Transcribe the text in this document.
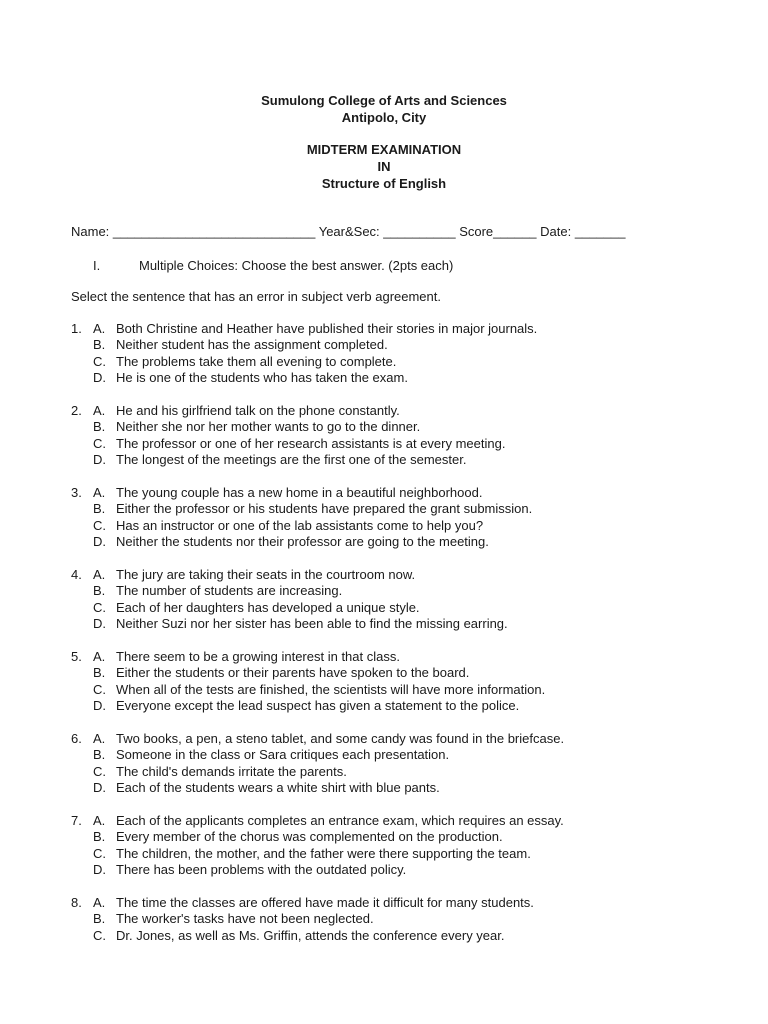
Sumulong College of Arts and Sciences
Antipolo, City
MIDTERM EXAMINATION
IN
Structure of English
Name: ____________________________ Year&Sec: __________ Score______ Date: _______
I.	Multiple Choices: Choose the best answer. (2pts each)
Select the sentence that has an error in subject verb agreement.
1. A. Both Christine and Heather have published their stories in major journals.
B. Neither student has the assignment completed.
C. The problems take them all evening to complete.
D. He is one of the students who has taken the exam.
2. A. He and his girlfriend talk on the phone constantly.
B. Neither she nor her mother wants to go to the dinner.
C. The professor or one of her research assistants is at every meeting.
D. The longest of the meetings are the first one of the semester.
3. A. The young couple has a new home in a beautiful neighborhood.
B. Either the professor or his students have prepared the grant submission.
C. Has an instructor or one of the lab assistants come to help you?
D. Neither the students nor their professor are going to the meeting.
4. A. The jury are taking their seats in the courtroom now.
B. The number of students are increasing.
C. Each of her daughters has developed a unique style.
D. Neither Suzi nor her sister has been able to find the missing earring.
5. A. There seem to be a growing interest in that class.
B. Either the students or their parents have spoken to the board.
C. When all of the tests are finished, the scientists will have more information.
D. Everyone except the lead suspect has given a statement to the police.
6. A. Two books, a pen, a steno tablet, and some candy was found in the briefcase.
B. Someone in the class or Sara critiques each presentation.
C. The child's demands irritate the parents.
D. Each of the students wears a white shirt with blue pants.
7. A. Each of the applicants completes an entrance exam, which requires an essay.
B. Every member of the chorus was complemented on the production.
C. The children, the mother, and the father were there supporting the team.
D. There has been problems with the outdated policy.
8. A. The time the classes are offered have made it difficult for many students.
B. The worker's tasks have not been neglected.
C. Dr. Jones, as well as Ms. Griffin, attends the conference every year.
